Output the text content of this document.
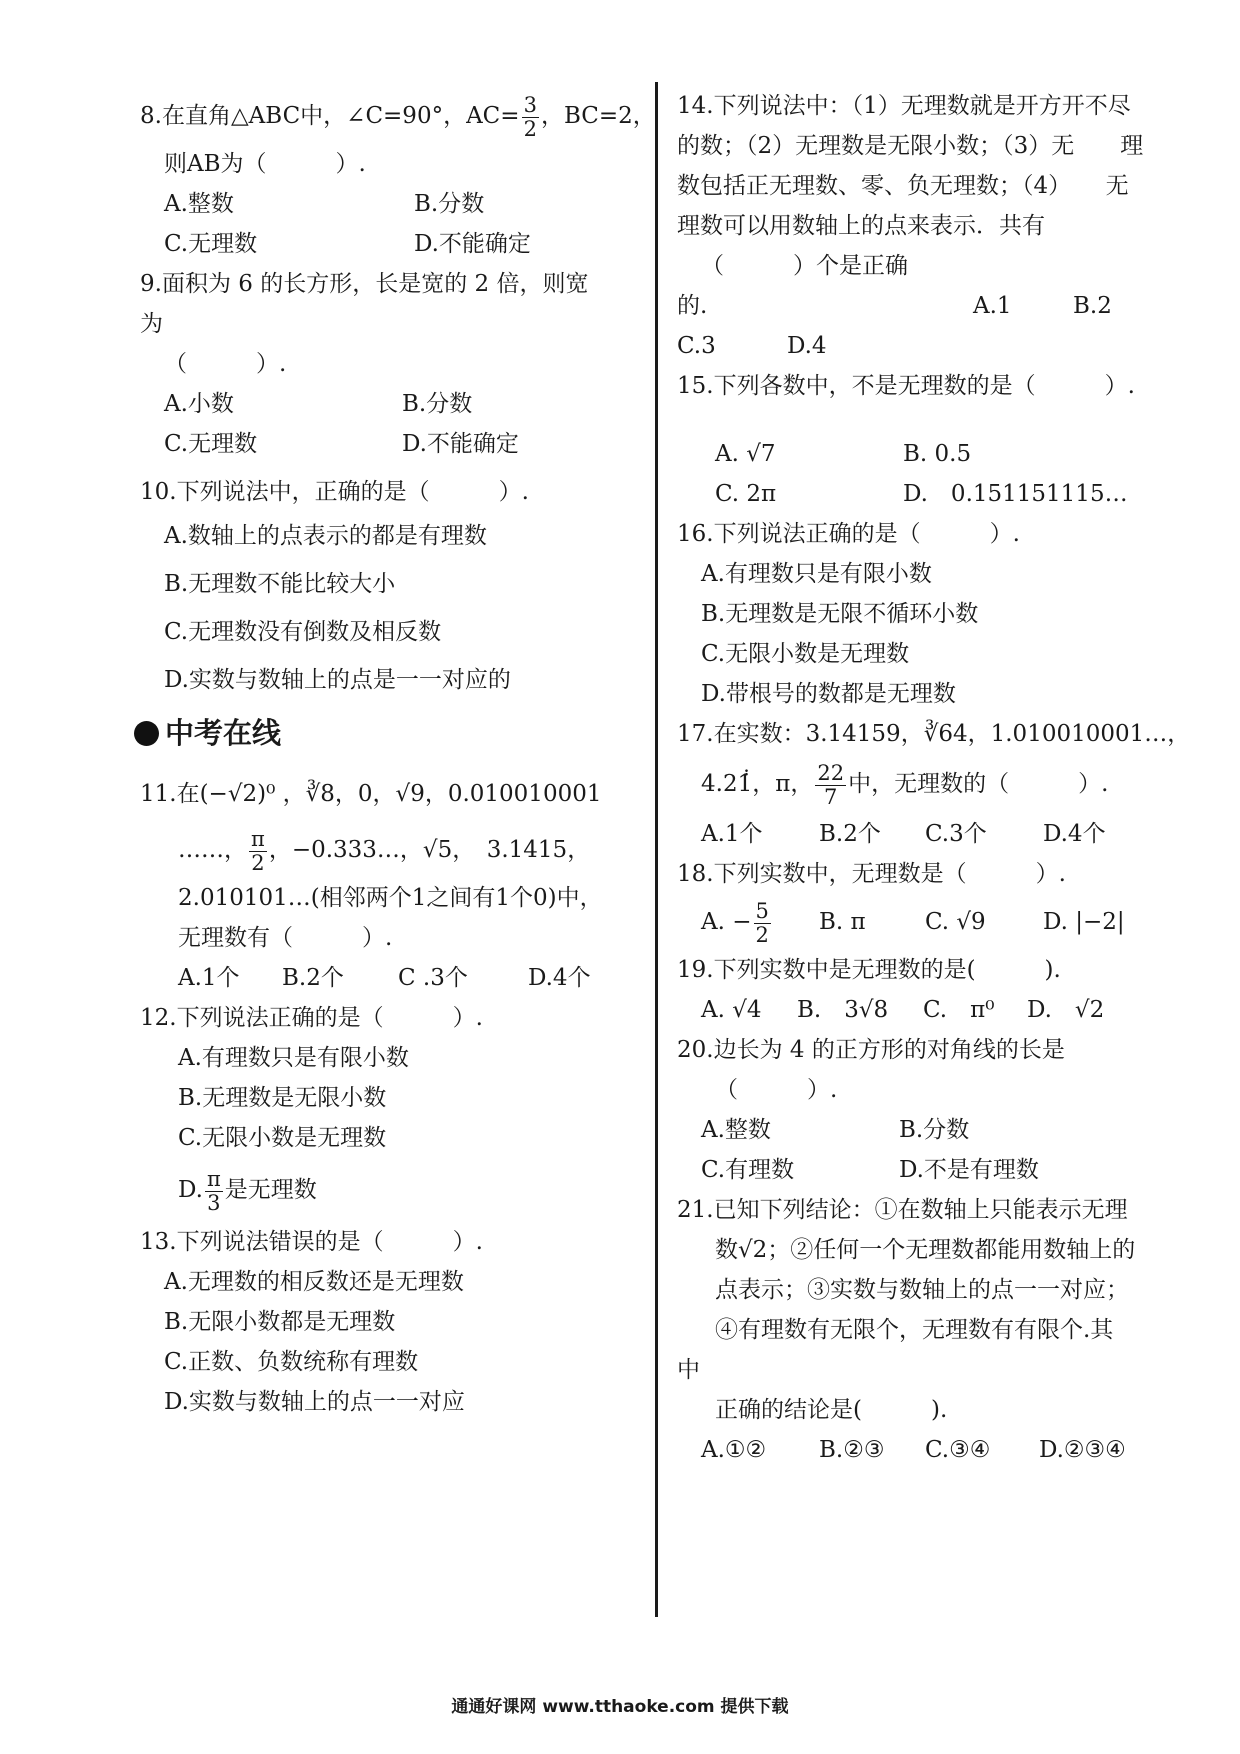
8.在直角△ABC中，∠C=90°，$AC= \frac{3}{2}$ ，BC=2，
则AB为（　　　）.
A.整数	B.分数
C.无理数	D.不能确定
9.面积为 6 的长方形，长是宽的 2 倍，则宽
为
（　　　）.
A.小数	B.分数
C.无理数	D.不能确定
10.下列说法中，正确的是（　　　）.
A.数轴上的点表示的都是有理数
B.无理数不能比较大小
C.无理数没有倒数及相反数
D.实数与数轴上的点是一一对应的
中考在线
11.在(−√2)⁰ ，∛8，0，√9，0.010010001
……， $\frac{\pi}{2}$ ，−0.333…，√5，　3.1415，
2.010101…(相邻两个1之间有1个0)中，
无理数有（　　　）.
A.1个 B.2个 C .3个	D.4个
12.下列说法正确的是（　　　）.
A.有理数只是有限小数
B.无理数是无限小数
C.无限小数是无理数
D. $\frac{\pi}{3}$ 是无理数
13.下列说法错误的是（　　　）.
A.无理数的相反数还是无理数
B.无限小数都是无理数
C.正数、负数统称有理数
D.实数与数轴上的点一一对应
14.下列说法中：（1）无理数就是开方开不尽
的数；（2）无理数是无限小数；（3）无　　理
数包括正无理数、零、负无理数；（4）　　无
理数可以用数轴上的点来表示．共有
（　　　）个是正确
的.	A.1	B.2
C.3	D.4
15.下列各数中，不是无理数的是（　　　）.
A. √7	B. 0.5
C. 2π	D.　0.151151115…
16.下列说法正确的是（　　　）.
A.有理数只是有限小数
B.无理数是无限不循环小数
C.无限小数是无理数
D.带根号的数都是无理数
17.在实数：3.14159，∛64，1.010010001…，
4.21̇̇，π， $\frac{22}{7}$ 中，无理数的（　　　）.
A.1个 B.2个 C.3个 D.4个
18.下列实数中，无理数是（　　　）.
A. − $\frac{5}{2} B$. π	C. √9 D. |−2|
19.下列实数中是无理数的是(　　　).
A. √4 B.　3√8 C.　π⁰ D.　√2
20.边长为 4 的正方形的对角线的长是
（　　　）.
A.整数	B.分数
C.有理数	D.不是有理数
21.已知下列结论：①在数轴上只能表示无理
数√2；②任何一个无理数都能用数轴上的
点表示；③实数与数轴上的点一一对应；
④有理数有无限个，无理数有有限个.其
中
正确的结论是(　　　).
A.①② B.②③ C.③④ D.②③④
通通好课网 www.tthaoke.com 提供下载
